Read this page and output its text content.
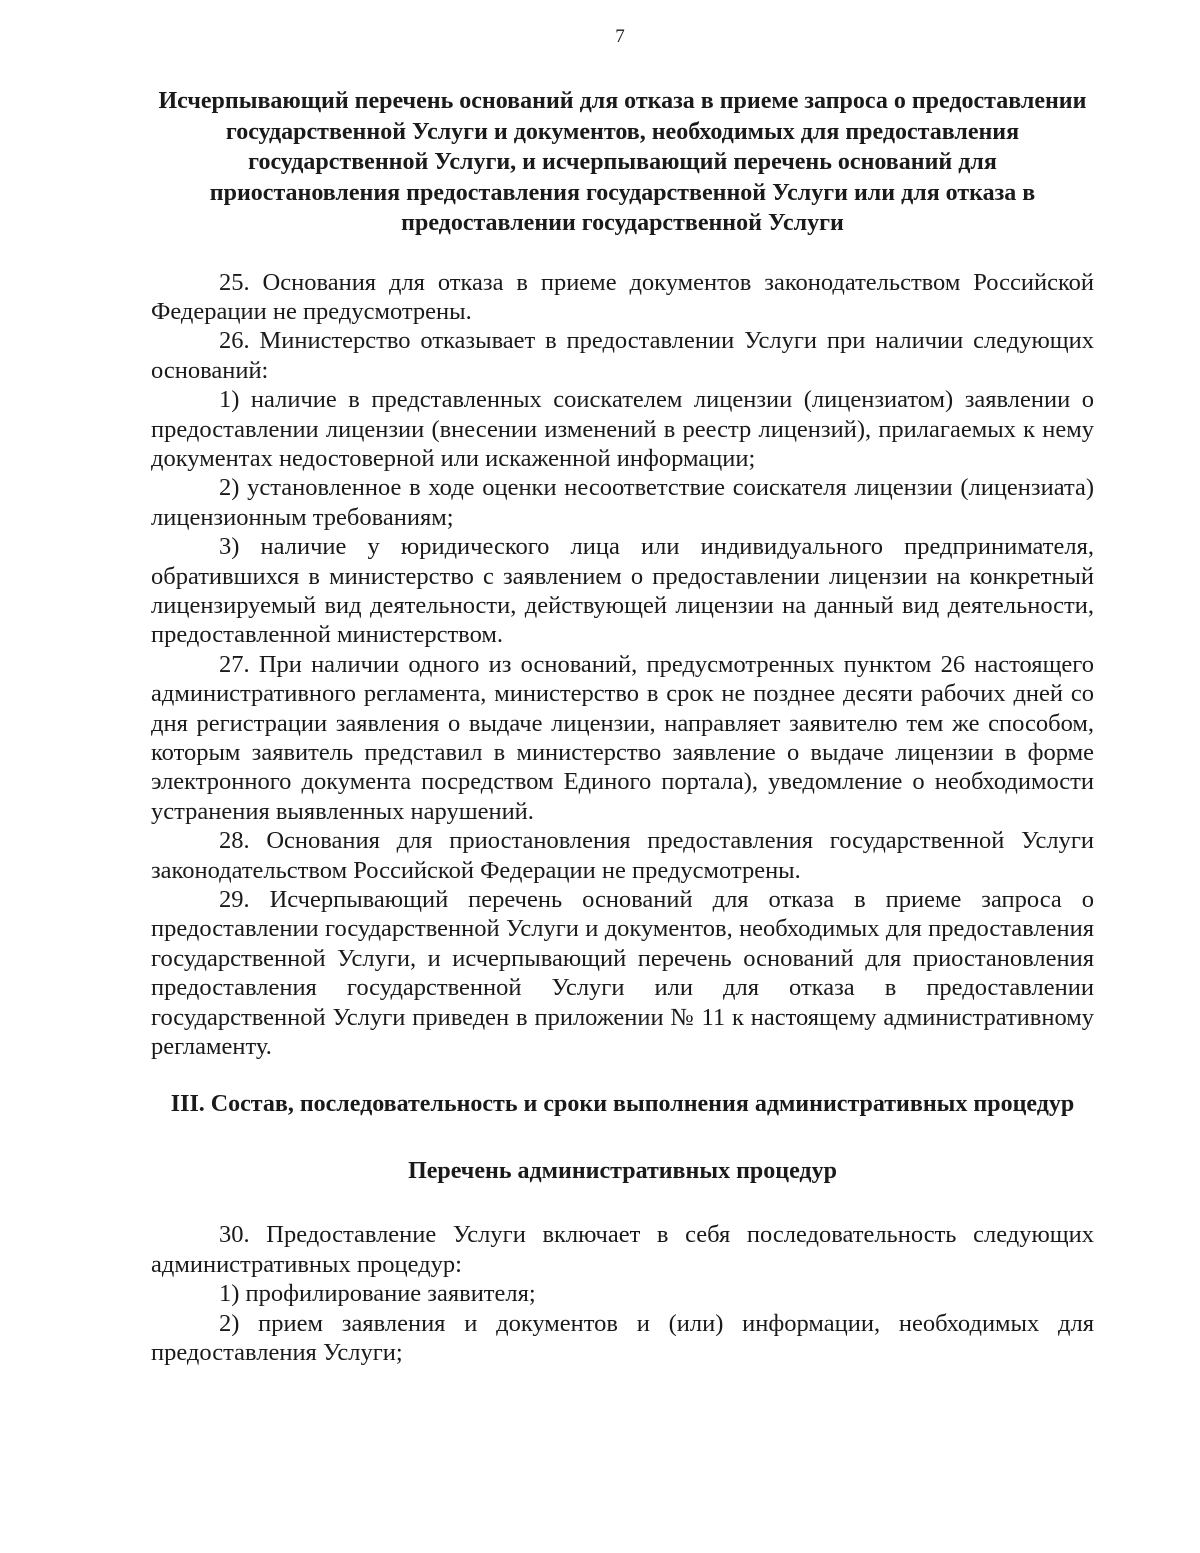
7

Исчерпывающий перечень оснований для отказа в приеме запроса о предоставлении государственной Услуги и документов, необходимых для предоставления государственной Услуги, и исчерпывающий перечень оснований для приостановления предоставления государственной Услуги или для отказа в предоставлении государственной Услуги

25. Основания для отказа в приеме документов законодательством Российской Федерации не предусмотрены.

26. Министерство отказывает в предоставлении Услуги при наличии следующих оснований:

1) наличие в представленных соискателем лицензии (лицензиатом) заявлении о предоставлении лицензии (внесении изменений в реестр лицензий), прилагаемых к нему документах недостоверной или искаженной информации;

2) установленное в ходе оценки несоответствие соискателя лицензии (лицензиата) лицензионным требованиям;

3) наличие у юридического лица или индивидуального предпринимателя, обратившихся в министерство с заявлением о предоставлении лицензии на конкретный лицензируемый вид деятельности, действующей лицензии на данный вид деятельности, предоставленной министерством.

27. При наличии одного из оснований, предусмотренных пунктом 26 настоящего административного регламента, министерство в срок не позднее десяти рабочих дней со дня регистрации заявления о выдаче лицензии, направляет заявителю тем же способом, которым заявитель представил в министерство заявление о выдаче лицензии в форме электронного документа посредством Единого портала), уведомление о необходимости устранения выявленных нарушений.

28. Основания для приостановления предоставления государственной Услуги законодательством Российской Федерации не предусмотрены.

29. Исчерпывающий перечень оснований для отказа в приеме запроса о предоставлении государственной Услуги и документов, необходимых для предоставления государственной Услуги, и исчерпывающий перечень оснований для приостановления предоставления государственной Услуги или для отказа в предоставлении государственной Услуги приведен в приложении № 11 к настоящему административному регламенту.

III. Состав, последовательность и сроки выполнения административных процедур

Перечень административных процедур

30. Предоставление Услуги включает в себя последовательность следующих административных процедур:

1) профилирование заявителя;

2) прием заявления и документов и (или) информации, необходимых для предоставления Услуги;
